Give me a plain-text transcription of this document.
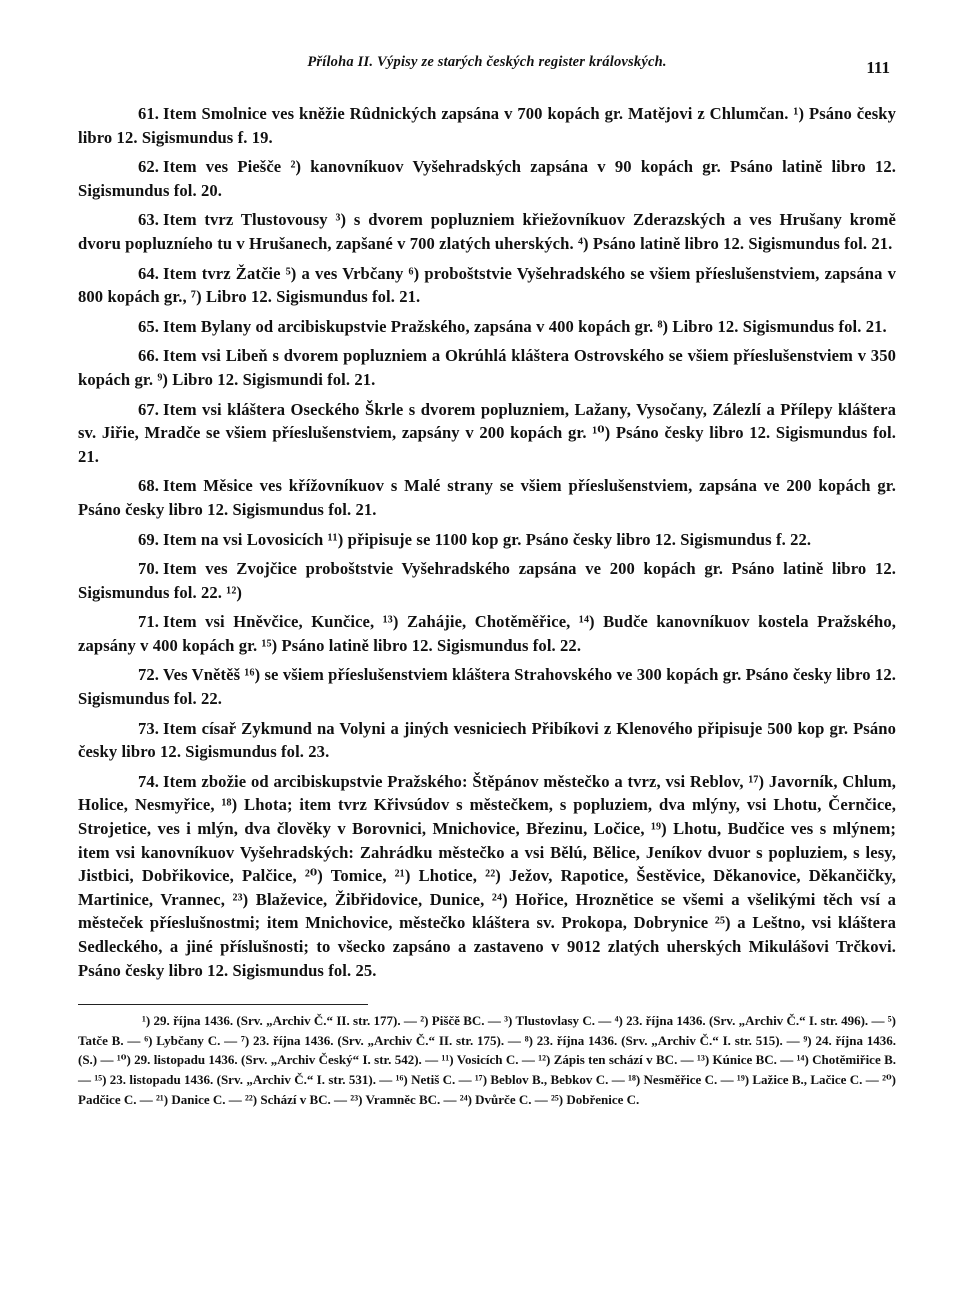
Příloha II. Výpisy ze starých českých register královských.	111

61. Item Smolnice ves kněžie Rûdnických zapsána v 700 kopách gr. Matějovi z Chlumčan. ¹) Psáno česky libro 12. Sigismundus f. 19.

62. Item ves Piešče ²) kanovníkuov Vyšehradských zapsána v 90 kopách gr. Psáno latině libro 12. Sigismundus fol. 20.

63. Item tvrz Tlustovousy ³) s dvorem popluzniem křiežovníkuov Zderazských a ves Hrušany kromě dvoru popluzníeho tu v Hrušanech, zapšané v 700 zlatých uherských. ⁴) Psáno latině libro 12. Sigismundus fol. 21.

64. Item tvrz Žatčie ⁵) a ves Vrbčany ⁶) proboštstvie Vyšehradského se všiem příeslušenstviem, zapsána v 800 kopách gr., ⁷) Libro 12. Sigismundus fol. 21.

65. Item Bylany od arcibiskupstvie Pražského, zapsána v 400 kopách gr. ⁸) Libro 12. Sigismundus fol. 21.

66. Item vsi Libeň s dvorem popluzniem a Okrúhlá kláštera Ostrovského se všiem příeslušenstviem v 350 kopách gr. ⁹) Libro 12. Sigismundi fol. 21.

67. Item vsi kláštera Oseckého Škrle s dvorem popluzniem, Lažany, Vysočany, Zálezlí a Přílepy kláštera sv. Jiřie, Mradče se všiem příeslušenstviem, zapsány v 200 kopách gr. ¹⁰) Psáno česky libro 12. Sigismundus fol. 21.

68. Item Měsice ves křížovníkuov s Malé strany se všiem příeslušenstviem, zapsána ve 200 kopách gr. Psáno česky libro 12. Sigismundus fol. 21.

69. Item na vsi Lovosicích ¹¹) připisuje se 1100 kop gr. Psáno česky libro 12. Sigismundus f. 22.

70. Item ves Zvojčice proboštstvie Vyšehradského zapsána ve 200 kopách gr. Psáno latině libro 12. Sigismundus fol. 22. ¹²)

71. Item vsi Hněvčice, Kunčice, ¹³) Zahájie, Chotěměřice, ¹⁴) Budče kanovníkuov kostela Pražského, zapsány v 400 kopách gr. ¹⁵) Psáno latině libro 12. Sigismundus fol. 22.

72. Ves Vnětěš ¹⁶) se všiem příeslušenstviem kláštera Strahovského ve 300 kopách gr. Psáno česky libro 12. Sigismundus fol. 22.

73. Item císař Zykmund na Volyni a jiných vesniciech Přibíkovi z Klenového připisuje 500 kop gr. Psáno česky libro 12. Sigismundus fol. 23.

74. Item zbožie od arcibiskupstvie Pražského: Štěpánov městečko a tvrz, vsi Reblov, ¹⁷) Javorník, Chlum, Holice, Nesmyřice, ¹⁸) Lhota; item tvrz Křivsúdov s městečkem, s popluziem, dva mlýny, vsi Lhotu, Černčice, Strojetice, ves i mlýn, dva člověky v Borovnici, Mnichovice, Březinu, Ločice, ¹⁹) Lhotu, Budčice ves s mlýnem; item vsi kanovníkuov Vyšehradských: Zahrádku městečko a vsi Bělú, Bělice, Jeníkov dvuor s popluziem, s lesy, Jistbici, Dobřikovice, Palčice, ²⁰) Tomice, ²¹) Lhotice, ²²) Ježov, Rapotice, Šestěvice, Děkanovice, Děkančičky, Martinice, Vrannec, ²³) Blaževice, Žibřidovice, Dunice, ²⁴) Hořice, Hroznětice se všemi a všelikými těch vsí a městeček příeslušnostmi; item Mnichovice, městečko kláštera sv. Prokopa, Dobrynice ²⁵) a Leštno, vsi kláštera Sedleckého, a jiné příslušnosti; to všecko zapsáno a zastaveno v 9012 zlatých uherských Mikulášovi Trčkovi. Psáno česky libro 12. Sigismundus fol. 25.

¹) 29. října 1436. (Srv. „Archiv Č.“ II. str. 177). — ²) Piščě BC. — ³) Tlustovlasy C. — ⁴) 23. října 1436. (Srv. „Archiv Č.“ I. str. 496). — ⁵) Tatče B. — ⁶) Lybčany C. — ⁷) 23. října 1436. (Srv. „Archiv Č.“ II. str. 175). — ⁸) 23. října 1436. (Srv. „Archiv Č.“ I. str. 515). — ⁹) 24. října 1436. (S.) — ¹⁰) 29. listopadu 1436. (Srv. „Archiv Český“ I. str. 542). — ¹¹) Vosicích C. — ¹²) Zápis ten schází v BC. — ¹³) Kúnice BC. — ¹⁴) Chotěmiřice B. — ¹⁵) 23. listopadu 1436. (Srv. „Archiv Č.“ I. str. 531). — ¹⁶) Netiš C. — ¹⁷) Beblov B., Bebkov C. — ¹⁸) Nesměřice C. — ¹⁹) Lažice B., Lačice C. — ²⁰) Padčice C. — ²¹) Danice C. — ²²) Schází v BC. — ²³) Vramněc BC. — ²⁴) Dvůrče C. — ²⁵) Dobřenice C.
